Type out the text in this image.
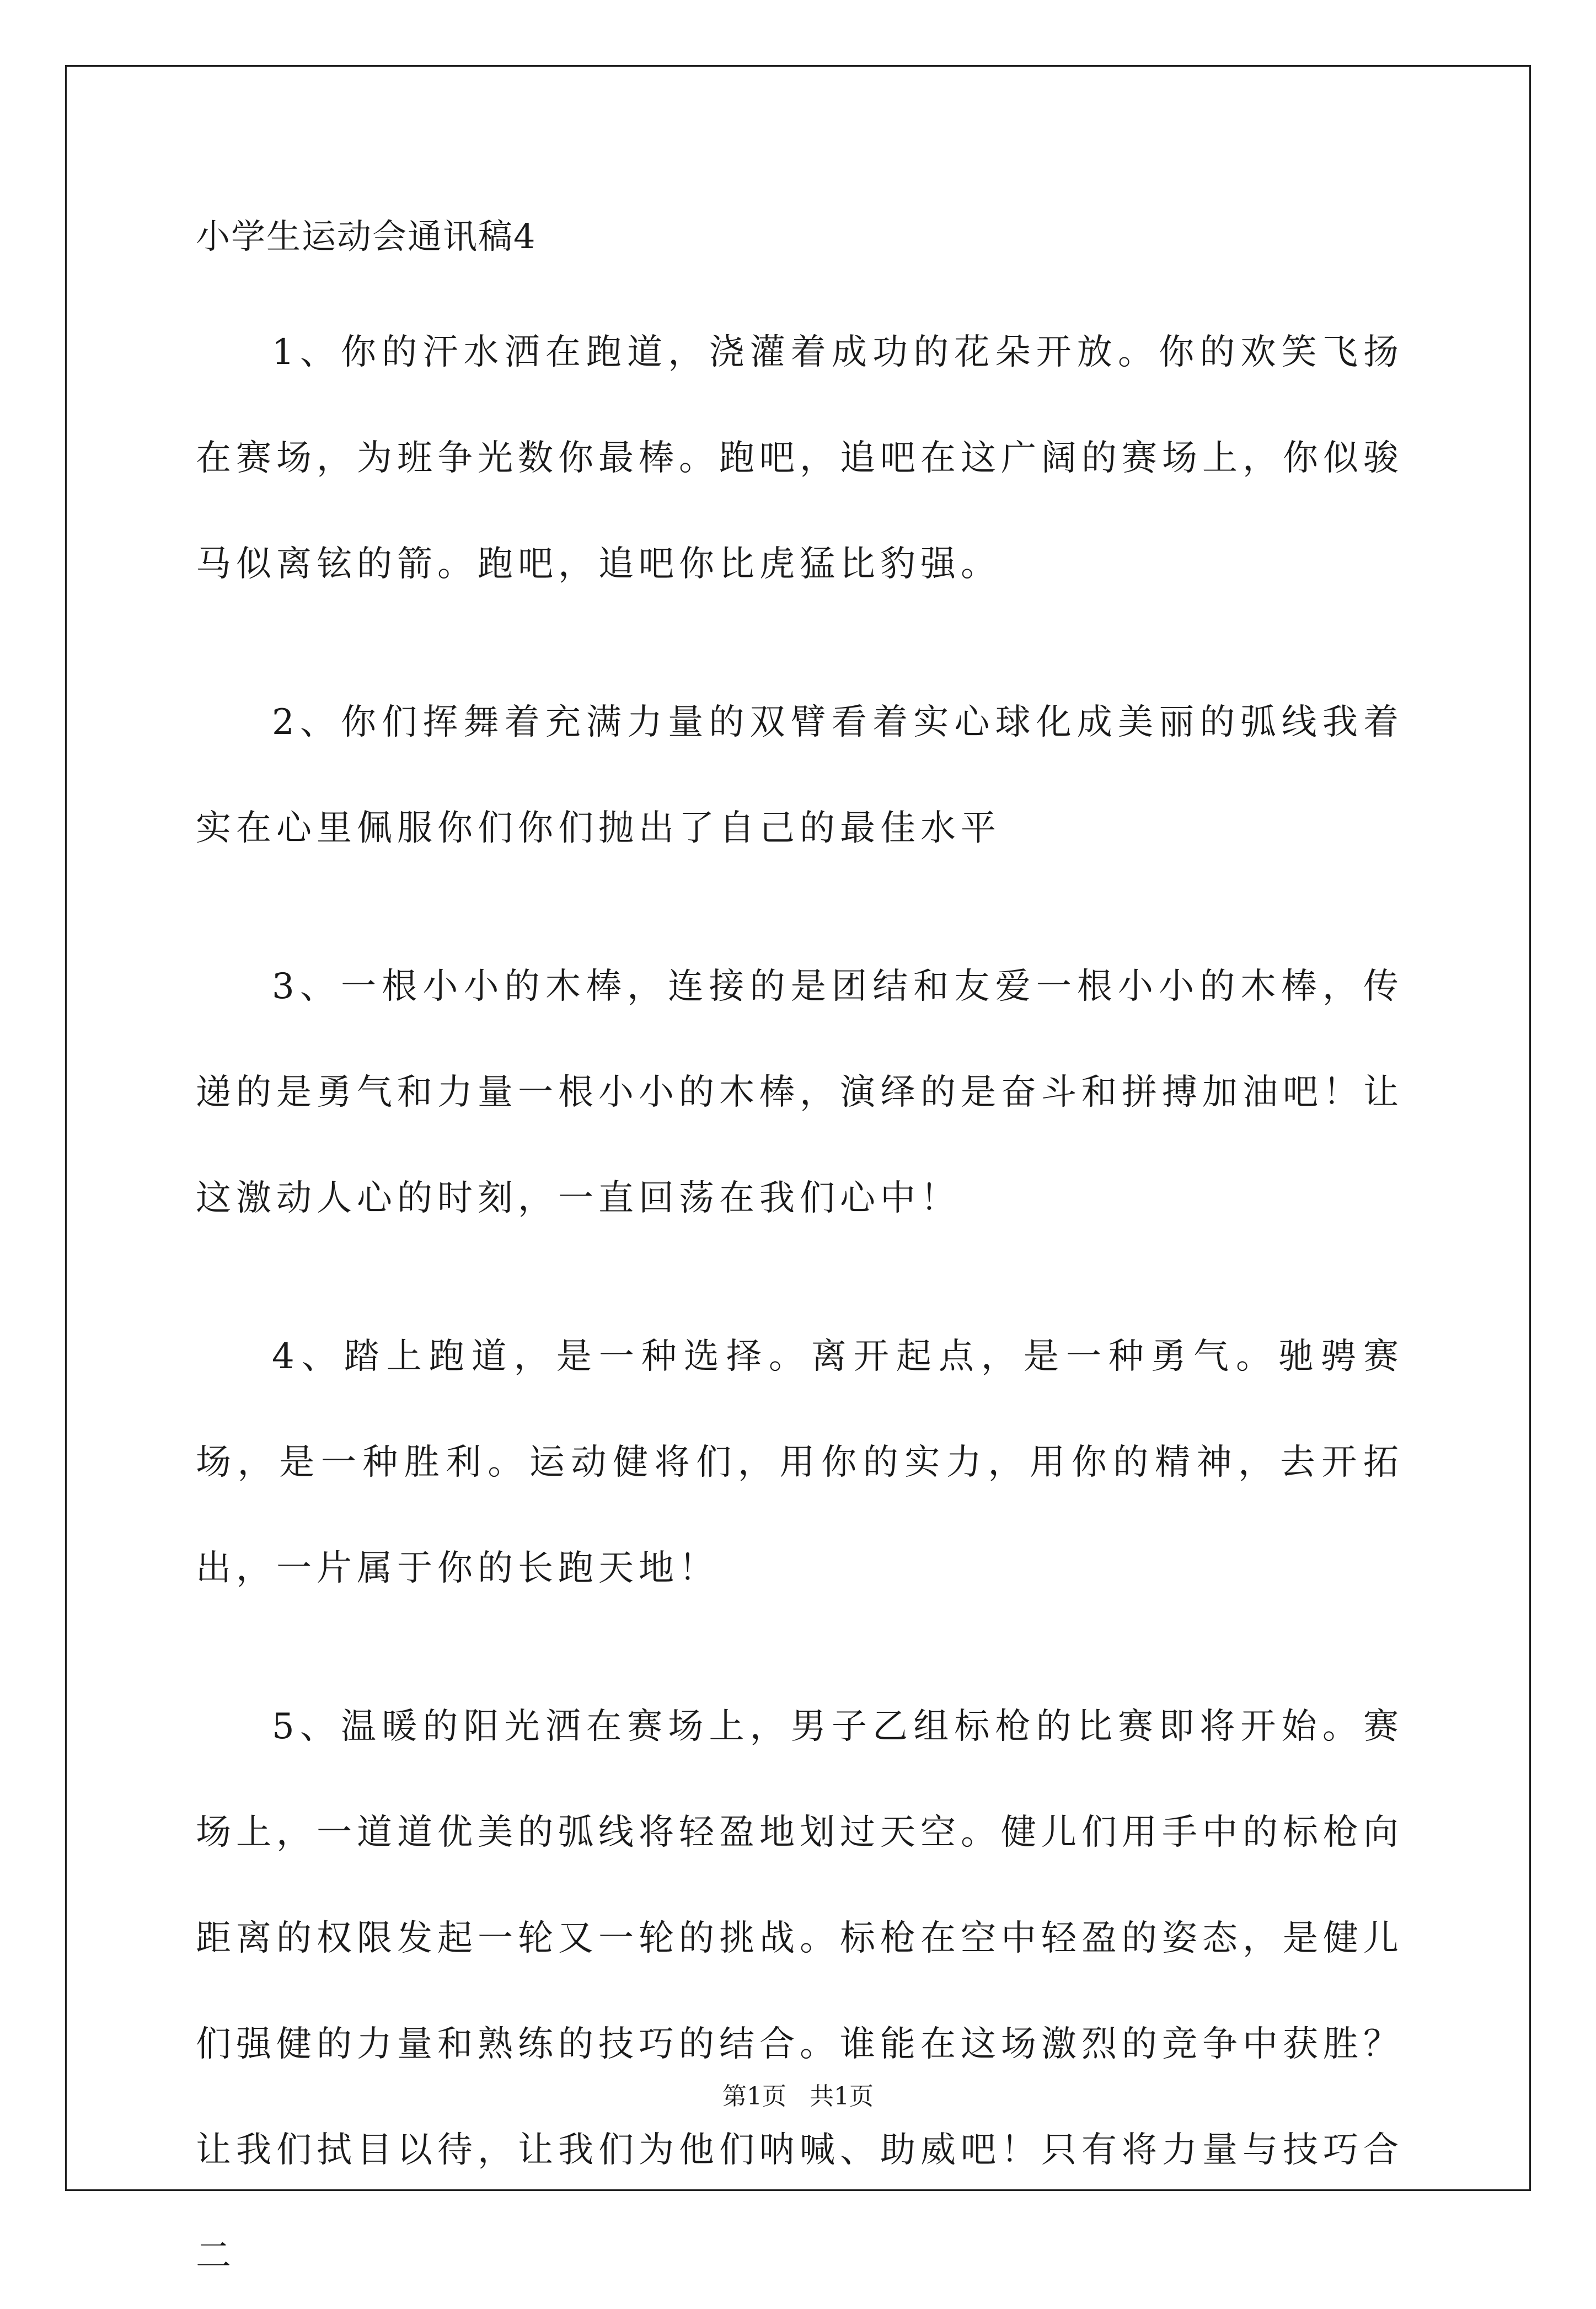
小学生运动会通讯稿4

1、你的汗水洒在跑道，浇灌着成功的花朵开放。你的欢笑飞扬在赛场，为班争光数你最棒。跑吧，追吧在这广阔的赛场上，你似骏马似离铉的箭。跑吧，追吧你比虎猛比豹强。

2、你们挥舞着充满力量的双臂看着实心球化成美丽的弧线我着实在心里佩服你们你们抛出了自己的最佳水平

3、一根小小的木棒，连接的是团结和友爱一根小小的木棒，传递的是勇气和力量一根小小的木棒，演绎的是奋斗和拼搏加油吧！让这激动人心的时刻，一直回荡在我们心中！

4、踏上跑道，是一种选择。离开起点，是一种勇气。驰骋赛场，是一种胜利。运动健将们，用你的实力，用你的精神，去开拓出，一片属于你的长跑天地！

5、温暖的阳光洒在赛场上，男子乙组标枪的比赛即将开始。赛场上，一道道优美的弧线将轻盈地划过天空。健儿们用手中的标枪向距离的权限发起一轮又一轮的挑战。标枪在空中轻盈的姿态，是健儿们强健的力量和熟练的技巧的结合。谁能在这场激烈的竞争中获胜？让我们拭目以待，让我们为他们呐喊、助威吧！只有将力量与技巧合二

第1页   共1页
